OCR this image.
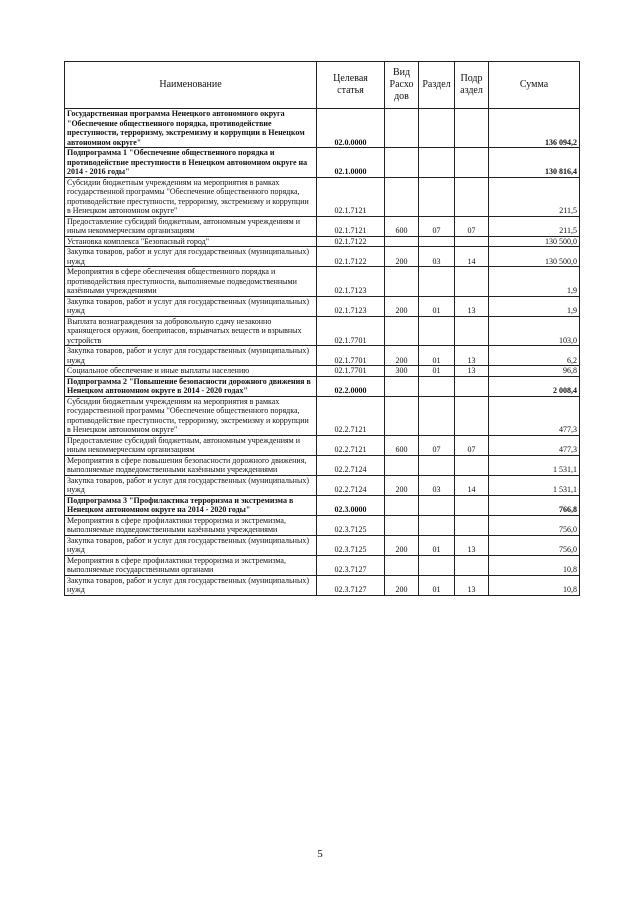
Наименование	Целевая статья	Вид Расхо дов	Раздел	Подр аздел	Сумма
Государственная программа Ненецкого автономного округа "Обеспечение общественного порядка, противодействие преступности, терроризму, экстремизму и коррупции в Ненецком автономном округе"	02.0.0000				136 094,2
Подпрограмма 1 "Обеспечение общественного порядка и противодействие преступности в Ненецком автономном округе на 2014 - 2016 годы"	02.1.0000				130 816,4
Субсидии бюджетным учреждениям на мероприятия в рамках государственной программы "Обеспечение общественного порядка, противодействие преступности, терроризму, экстремизму и коррупции в Ненецком автономном округе"	02.1.7121				211,5
Предоставление субсидий бюджетным, автономным учреждениям и иным некоммерческим организациям	02.1.7121	600	07	07	211,5
Установка комплекса "Безопасный город"	02.1.7122				130 500,0
Закупка товаров, работ и услуг для государственных (муниципальных) нужд	02.1.7122	200	03	14	130 500,0
Мероприятия в сфере обеспечения общественного порядка и противодействия преступности, выполняемые подведомственными казёнными учреждениями	02.1.7123				1,9
Закупка товаров, работ и услуг для государственных (муниципальных) нужд	02.1.7123	200	01	13	1,9
Выплата вознаграждения за добровольную сдачу незаконно хранящегося оружия, боеприпасов, взрывчатых веществ и взрывных устройств	02.1.7701				103,0
Закупка товаров, работ и услуг для государственных (муниципальных) нужд	02.1.7701	200	01	13	6,2
Социальное обеспечение и иные выплаты населению	02.1.7701	300	01	13	96,8
Подпрограмма 2 "Повышение безопасности дорожного движения в Ненецком автономном округе в 2014 - 2020 годах"	02.2.0000				2 008,4
Субсидии бюджетным учреждениям на мероприятия в рамках государственной программы "Обеспечение общественного порядка, противодействие преступности, терроризму, экстремизму и коррупции в Ненецком автономном округе"	02.2.7121				477,3
Предоставление субсидий бюджетным, автономным учреждениям и иным некоммерческим организациям	02.2.7121	600	07	07	477,3
Мероприятия в сфере повышения безопасности дорожного движения, выполняемые подведомственными казёнными учреждениями	02.2.7124				1 531,1
Закупка товаров, работ и услуг для государственных (муниципальных) нужд	02.2.7124	200	03	14	1 531,1
Подпрограмма 3 "Профилактика терроризма и экстремизма в Ненецком автономном округе на 2014 - 2020 годы"	02.3.0000				766,8
Мероприятия в сфере профилактики терроризма и экстремизма, выполняемые подведомственными казёнными учреждениями	02.3.7125				756,0
Закупка товаров, работ и услуг для государственных (муниципальных) нужд	02.3.7125	200	01	13	756,0
Мероприятия в сфере профилактики терроризма и экстремизма, выполняемые государственными органами	02.3.7127				10,8
Закупка товаров, работ и услуг для государственных (муниципальных) нужд	02.3.7127	200	01	13	10,8
5
